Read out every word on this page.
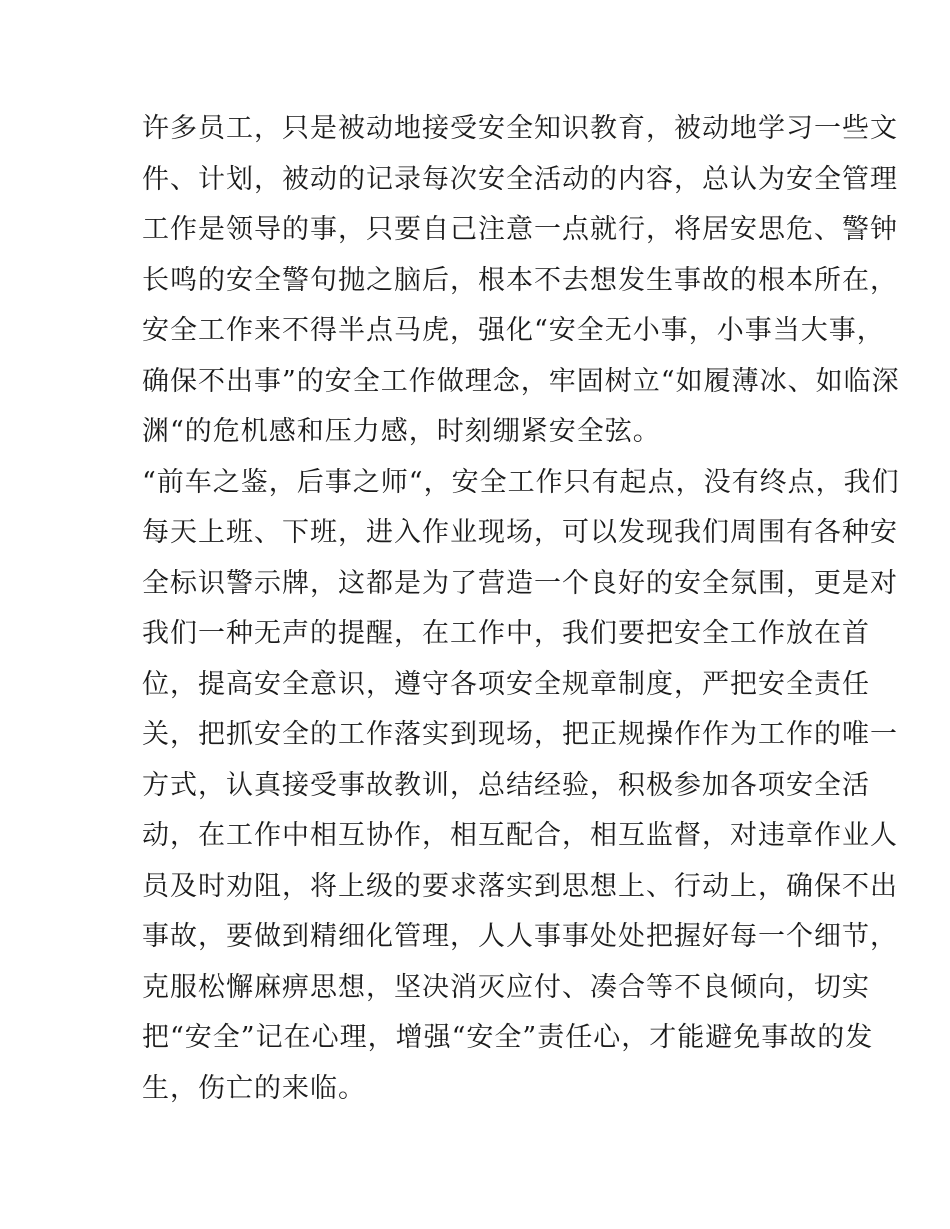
许多员工，只是被动地接受安全知识教育，被动地学习一些文
件、计划，被动的记录每次安全活动的内容，总认为安全管理
工作是领导的事，只要自己注意一点就行，将居安思危、警钟
长鸣的安全警句抛之脑后，根本不去想发生事故的根本所在，
安全工作来不得半点马虎，强化“安全无小事，小事当大事，
确保不出事”的安全工作做理念，牢固树立“如履薄冰、如临深
渊“的危机感和压力感，时刻绷紧安全弦。
“前车之鉴，后事之师“，安全工作只有起点，没有终点，我们
每天上班、下班，进入作业现场，可以发现我们周围有各种安
全标识警示牌，这都是为了营造一个良好的安全氛围，更是对
我们一种无声的提醒，在工作中，我们要把安全工作放在首
位，提高安全意识，遵守各项安全规章制度，严把安全责任
关，把抓安全的工作落实到现场，把正规操作作为工作的唯一
方式，认真接受事故教训，总结经验，积极参加各项安全活
动，在工作中相互协作，相互配合，相互监督，对违章作业人
员及时劝阻，将上级的要求落实到思想上、行动上，确保不出
事故，要做到精细化管理，人人事事处处把握好每一个细节，
克服松懈麻痹思想，坚决消灭应付、凑合等不良倾向，切实
把“安全”记在心理，增强“安全”责任心，才能避免事故的发
生，伤亡的来临。
